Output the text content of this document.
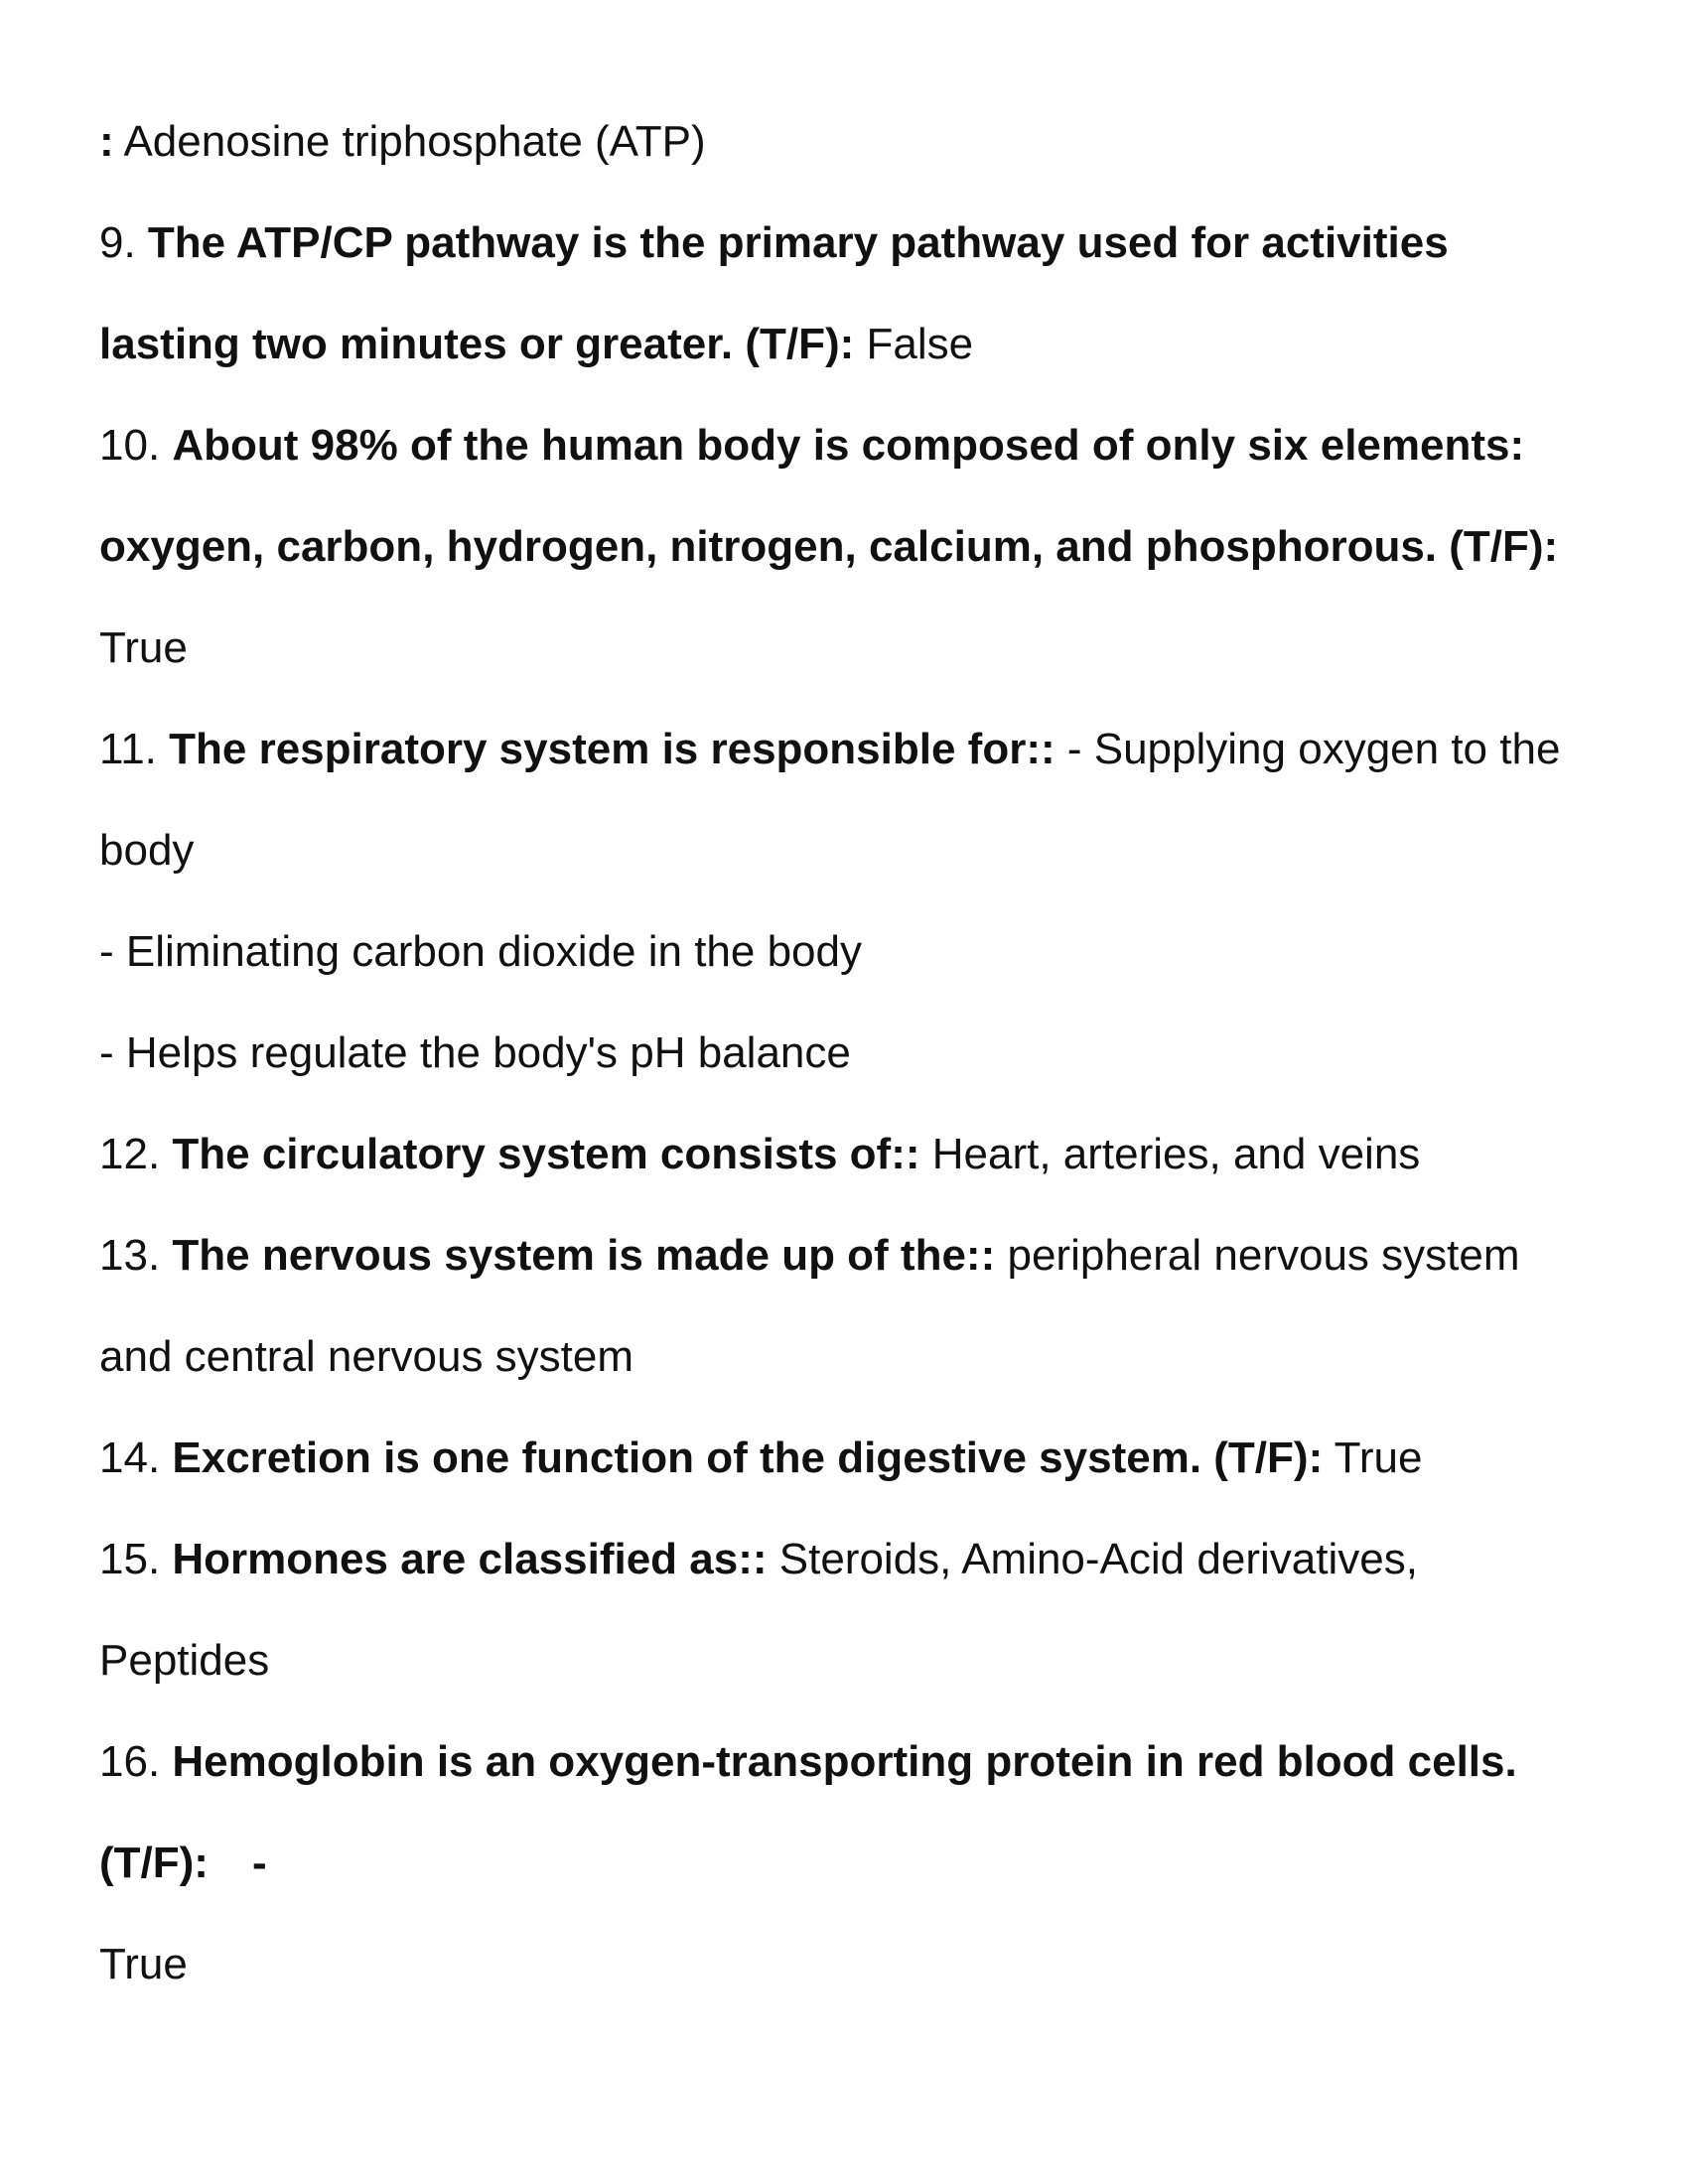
: Adenosine triphosphate (ATP)
9. The ATP/CP pathway is the primary pathway used for activities
lasting two minutes or greater. (T/F): False
10. About 98% of the human body is composed of only six elements:
oxygen, carbon, hydrogen, nitrogen, calcium, and phosphorous. (T/F):
True
11. The respiratory system is responsible for:: - Supplying oxygen to the
body
- Eliminating carbon dioxide in the body
- Helps regulate the body's pH balance
12. The circulatory system consists of:: Heart, arteries, and veins
13. The nervous system is made up of the:: peripheral nervous system
and central nervous system
14. Excretion is one function of the digestive system. (T/F): True
15. Hormones are classified as:: Steroids, Amino-Acid derivatives,
Peptides
16. Hemoglobin is an oxygen-transporting protein in red blood cells.
(T/F): -
True
